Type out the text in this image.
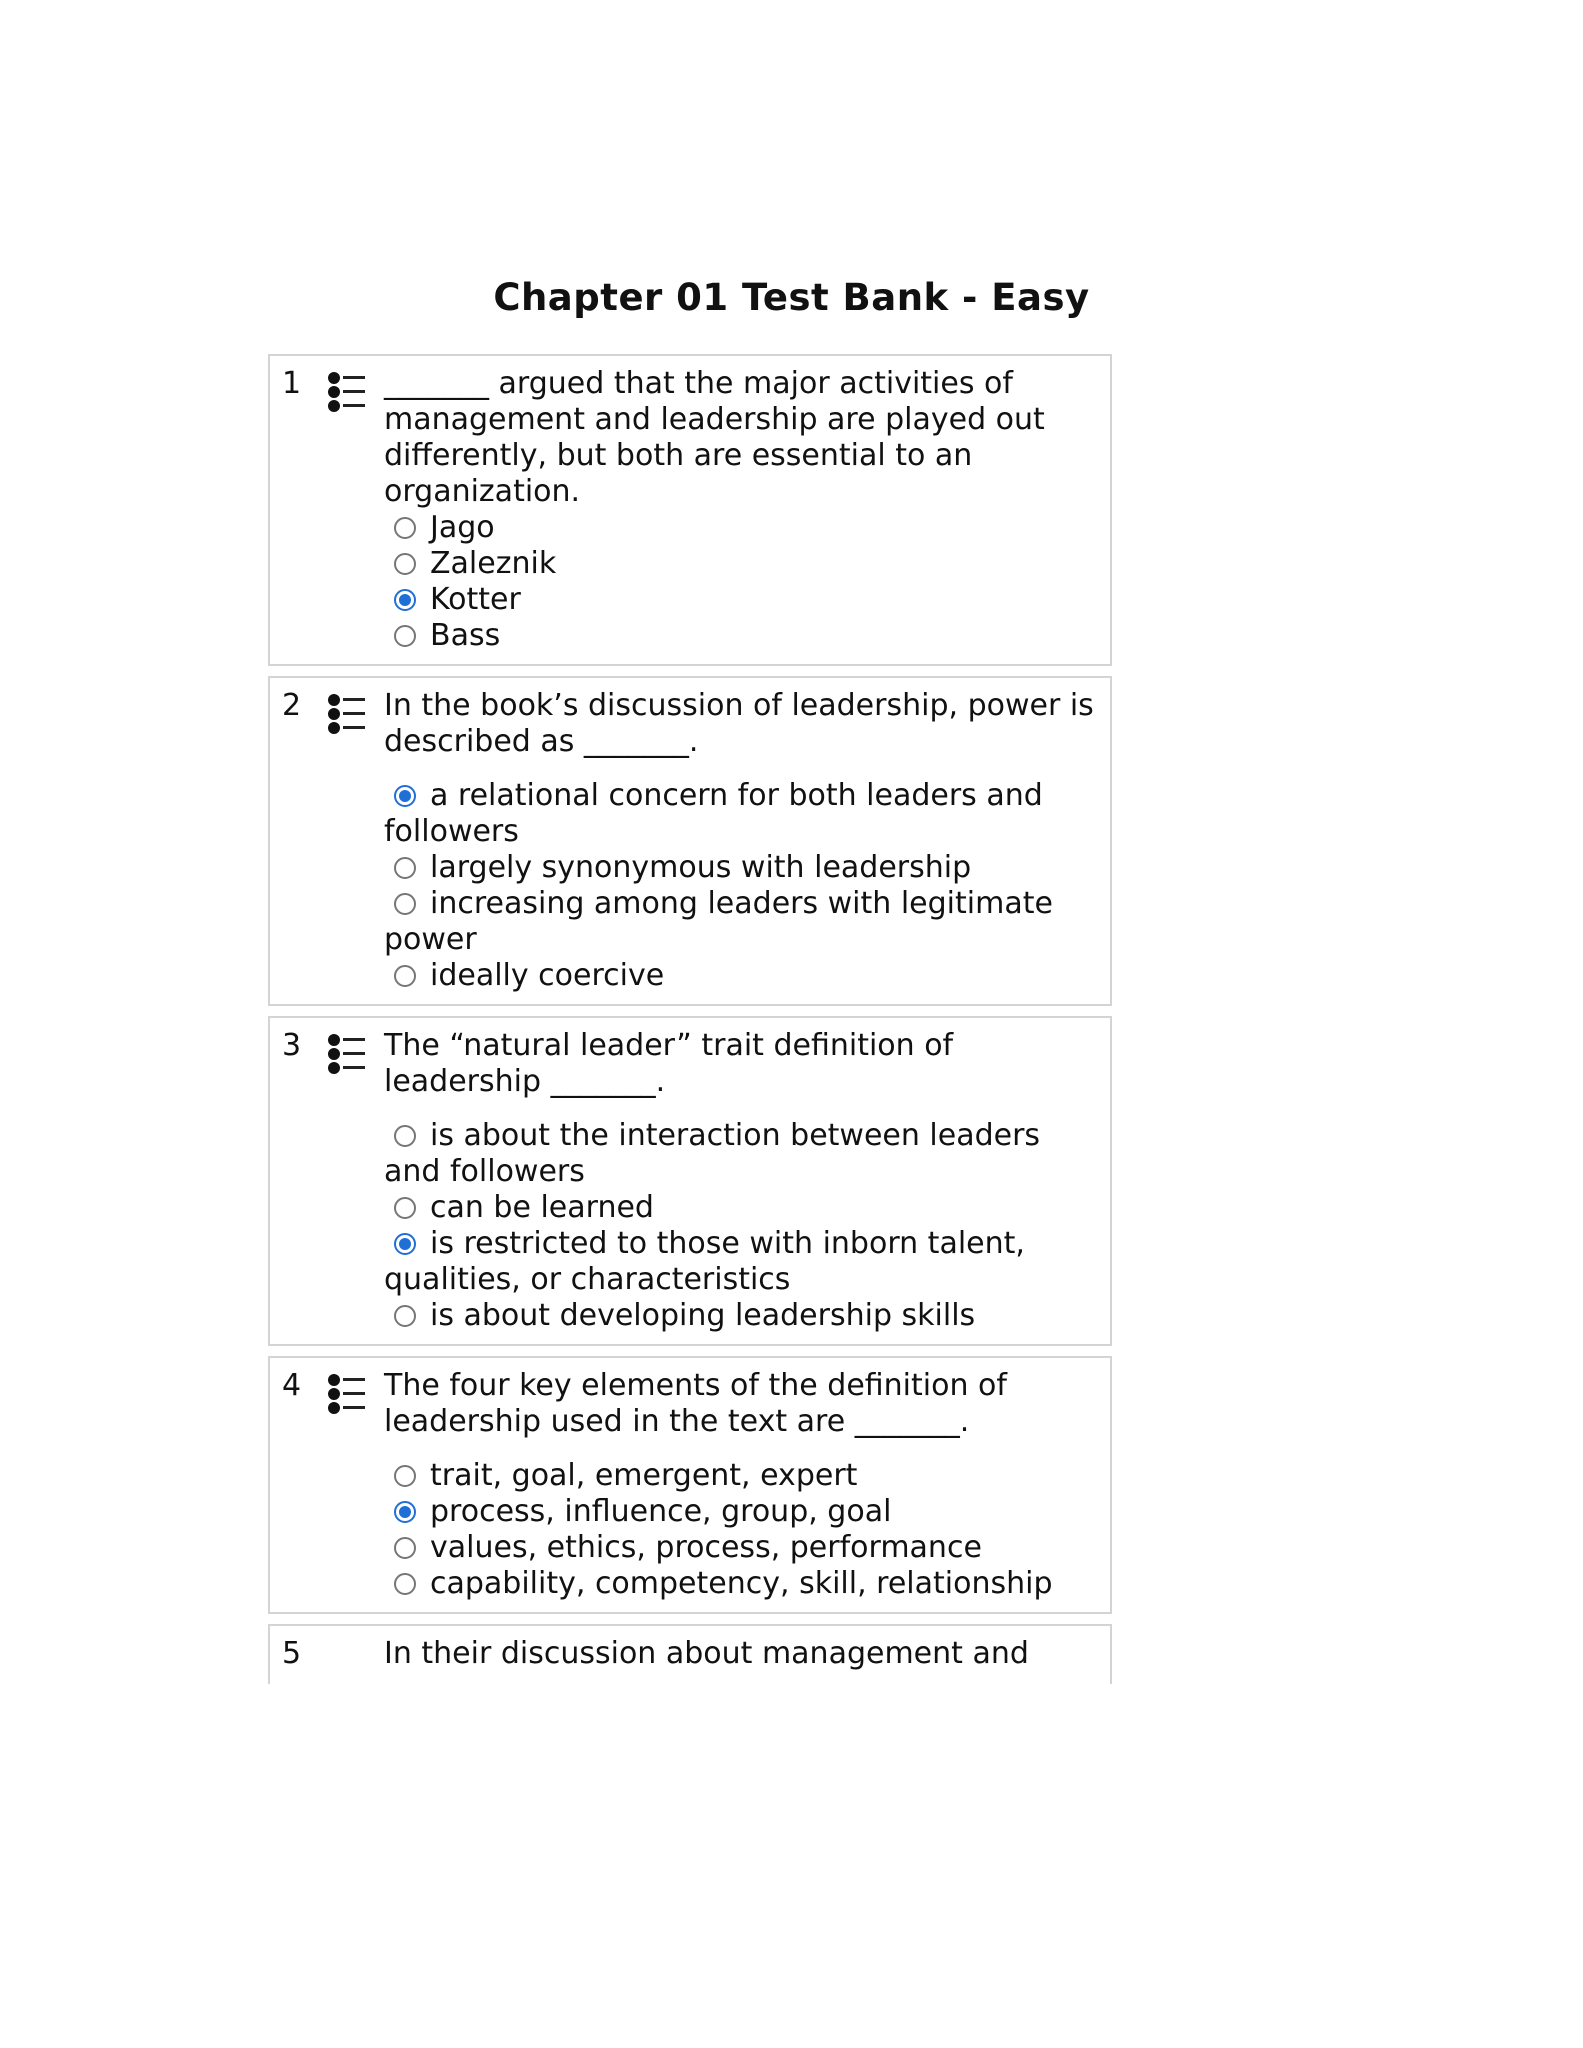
Chapter 01 Test Bank - Easy
1	_______ argued that the major activities of management and leadership are played out differently, but both are essential to an organization.

Jago
Zaleznik
Kotter
Bass
2	In the book’s discussion of leadership, power is described as _______.

a relational concern for both leaders and followers
largely synonymous with leadership
increasing among leaders with legitimate power
ideally coercive
3	The “natural leader” trait definition of leadership _______.

is about the interaction between leaders and followers
can be learned
is restricted to those with inborn talent, qualities, or characteristics
is about developing leadership skills
4	The four key elements of the definition of leadership used in the text are _______.

trait, goal, emergent, expert
process, influence, group, goal
values, ethics, process, performance
capability, competency, skill, relationship
5	In their discussion about management and
